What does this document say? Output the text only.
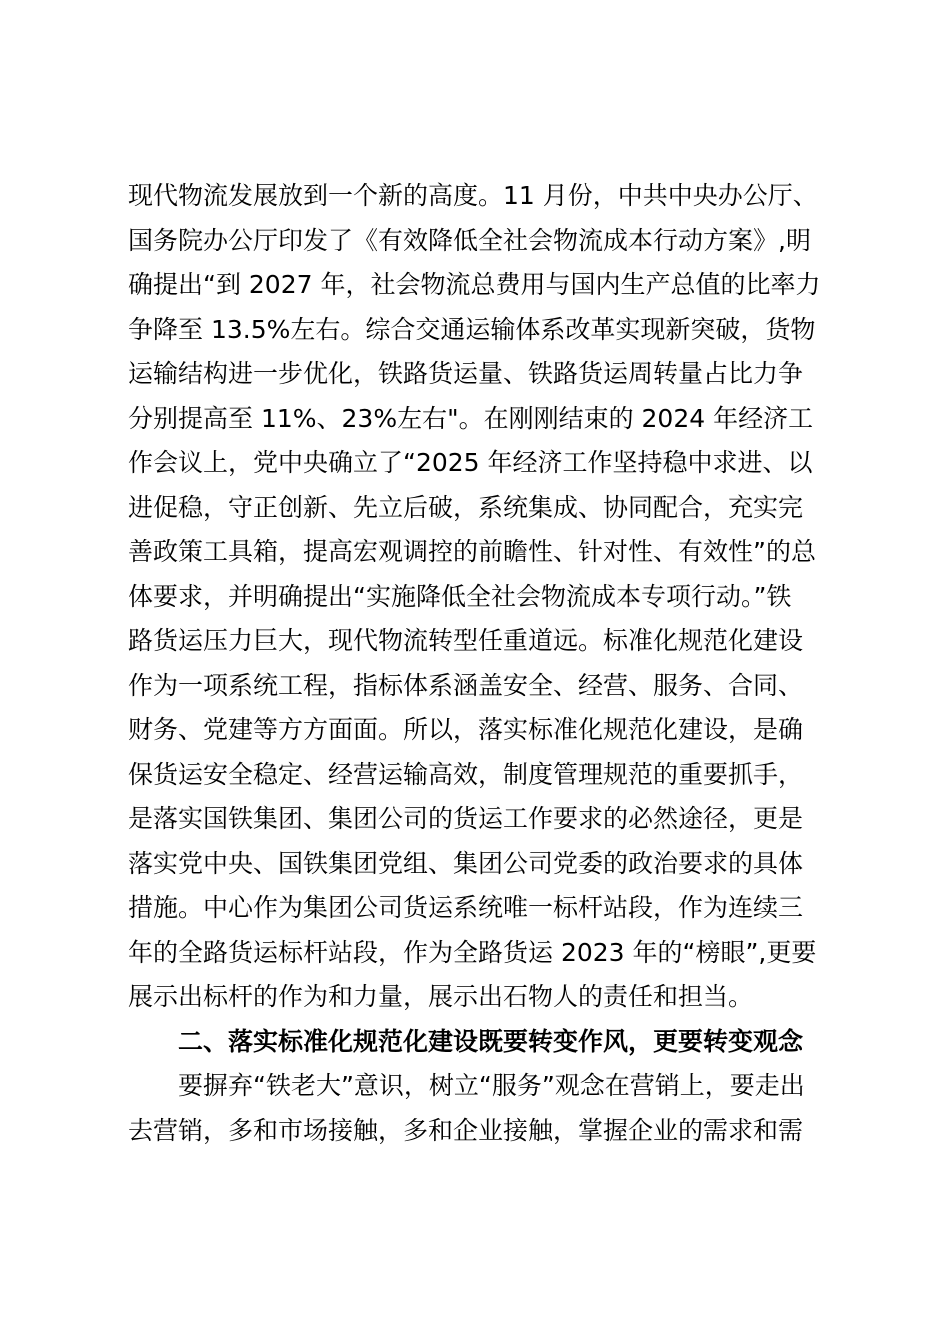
现代物流发展放到一个新的高度。11 月份，中共中央办公厅、
国务院办公厅印发了《有效降低全社会物流成本行动方案》,明
确提出“到 2027 年，社会物流总费用与国内生产总值的比率力
争降至 13.5%左右。综合交通运输体系改革实现新突破，货物
运输结构进一步优化，铁路货运量、铁路货运周转量占比力争
分别提高至 11%、23%左右"。在刚刚结束的 2024 年经济工
作会议上，党中央确立了“2025 年经济工作坚持稳中求进、以
进促稳，守正创新、先立后破，系统集成、协同配合，充实完
善政策工具箱，提高宏观调控的前瞻性、针对性、有效性”的总
体要求，并明确提出“实施降低全社会物流成本专项行动。”铁
路货运压力巨大，现代物流转型任重道远。标准化规范化建设
作为一项系统工程，指标体系涵盖安全、经营、服务、合同、
财务、党建等方方面面。所以，落实标准化规范化建设，是确
保货运安全稳定、经营运输高效，制度管理规范的重要抓手，
是落实国铁集团、集团公司的货运工作要求的必然途径，更是
落实党中央、国铁集团党组、集团公司党委的政治要求的具体
措施。中心作为集团公司货运系统唯一标杆站段，作为连续三
年的全路货运标杆站段，作为全路货运 2023 年的“榜眼”,更要
展示出标杆的作为和力量，展示出石物人的责任和担当。
二、落实标准化规范化建设既要转变作风，更要转变观念
要摒弃“铁老大”意识，树立“服务”观念在营销上，要走出
去营销，多和市场接触，多和企业接触，掌握企业的需求和需
